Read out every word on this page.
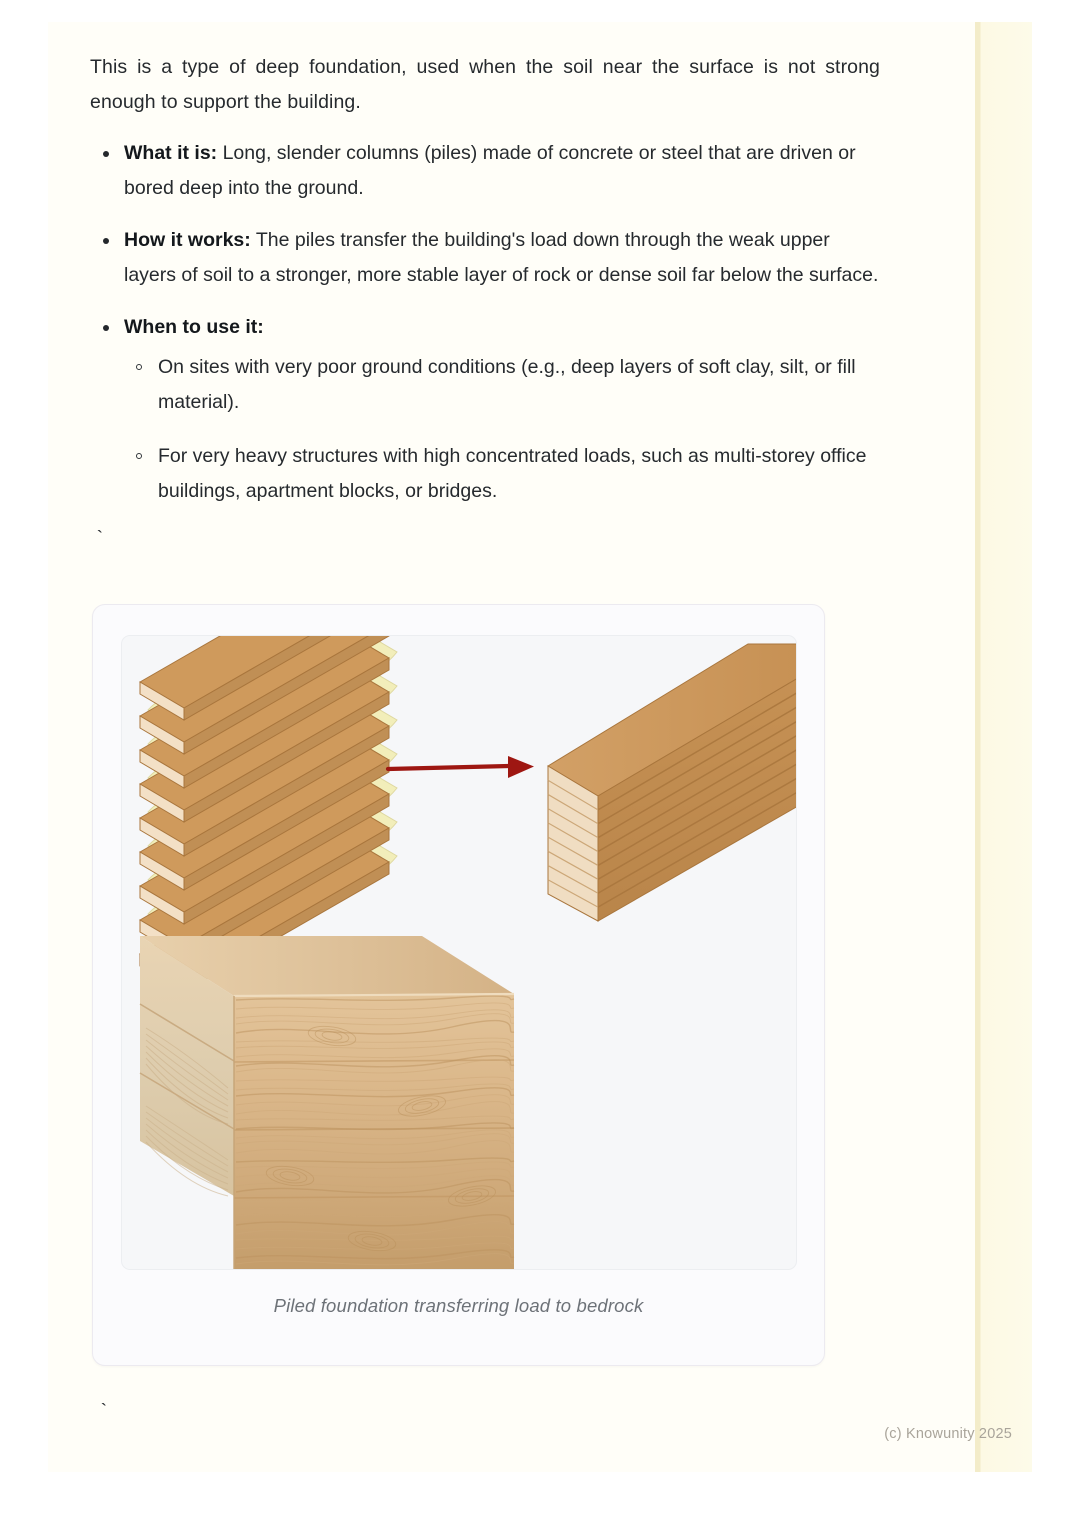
This is a type of deep foundation, used when the soil near the surface is not strong enough to support the building.

What it is: Long, slender columns (piles) made of concrete or steel that are driven or bored deep into the ground.
How it works: The piles transfer the building's load down through the weak upper layers of soil to a stronger, more stable layer of rock or dense soil far below the surface.
When to use it:
On sites with very poor ground conditions (e.g., deep layers of soft clay, silt, or fill material).
For very heavy structures with high concentrated loads, such as multi-storey office buildings, apartment blocks, or bridges.
`
Piled foundation transferring load to bedrock
`
(c) Knowunity 2025
